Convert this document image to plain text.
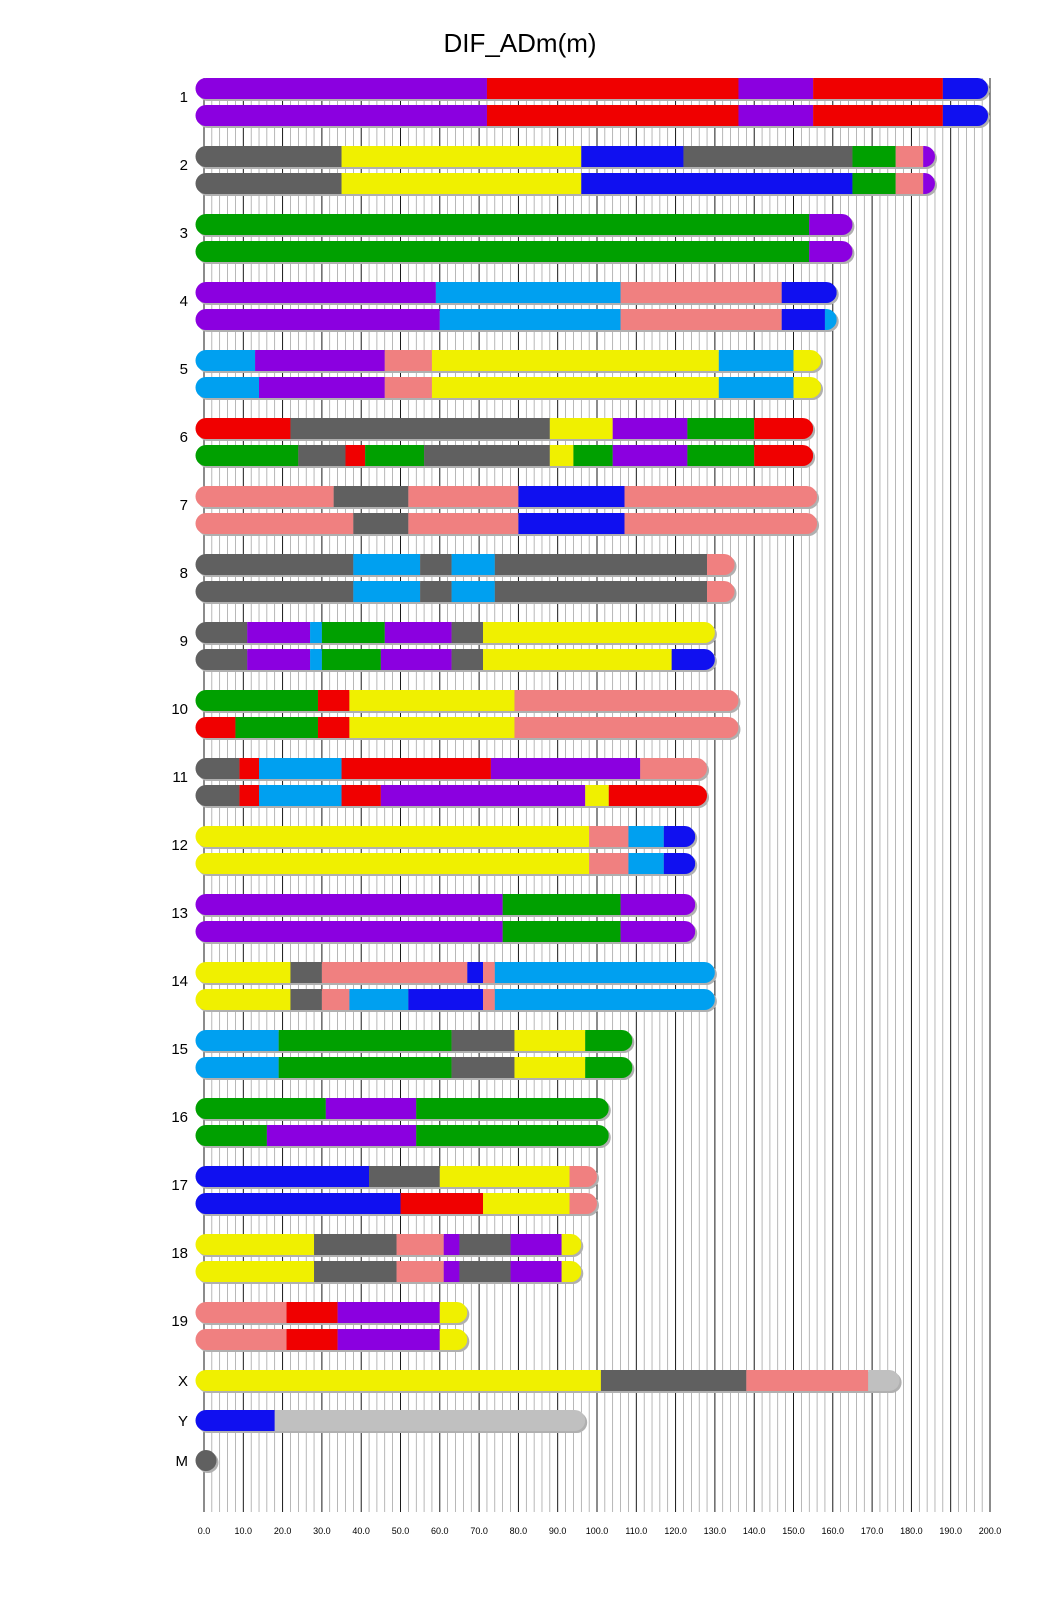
DIF_ADm(m)
1
2
3
4
5
6
7
8
9
10
11
12
13
14
15
16
17
18
19
X
Y
M
0.0	10.0 20.0 30.0 40.0 50.0 60.0 70.0 80.0 90.0 100.0 110.0 120.0 130.0 140.0 150.0 160.0 170.0 180.0 190.0 200.0
